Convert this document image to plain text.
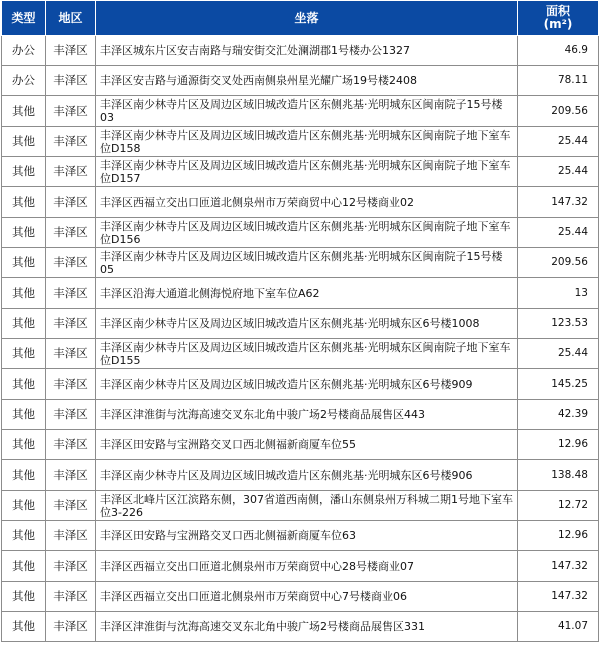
类型	地区	坐落	面积
(m²)

办公	丰泽区	丰泽区城东片区安吉南路与瑞安街交汇处澜湖郡1号楼办公1327	46.9
办公	丰泽区	丰泽区安吉路与通源街交叉处西南侧泉州星光耀广场19号楼2408	78.11
其他	丰泽区	丰泽区南少林寺片区及周边区域旧城改造片区东侧兆基·光明城东区闽南院子15号楼03	209.56
其他	丰泽区	丰泽区南少林寺片区及周边区域旧城改造片区东侧兆基·光明城东区闽南院子地下室车位D158	25.44
其他	丰泽区	丰泽区南少林寺片区及周边区域旧城改造片区东侧兆基·光明城东区闽南院子地下室车位D157	25.44
其他	丰泽区	丰泽区西福立交出口匝道北侧泉州市万荣商贸中心12号楼商业02	147.32
其他	丰泽区	丰泽区南少林寺片区及周边区域旧城改造片区东侧兆基·光明城东区闽南院子地下室车位D156	25.44
其他	丰泽区	丰泽区南少林寺片区及周边区域旧城改造片区东侧兆基·光明城东区闽南院子15号楼05	209.56
其他	丰泽区	丰泽区沿海大通道北侧海悦府地下室车位A62	13
其他	丰泽区	丰泽区南少林寺片区及周边区域旧城改造片区东侧兆基·光明城东区6号楼1008	123.53
其他	丰泽区	丰泽区南少林寺片区及周边区域旧城改造片区东侧兆基·光明城东区闽南院子地下室车位D155	25.44
其他	丰泽区	丰泽区南少林寺片区及周边区域旧城改造片区东侧兆基·光明城东区6号楼909	145.25
其他	丰泽区	丰泽区津淮街与沈海高速交叉东北角中骏广场2号楼商品展售区443	42.39
其他	丰泽区	丰泽区田安路与宝洲路交叉口西北侧福新商厦车位55	12.96
其他	丰泽区	丰泽区南少林寺片区及周边区域旧城改造片区东侧兆基·光明城东区6号楼906	138.48
其他	丰泽区	丰泽区北峰片区江滨路东侧，307省道西南侧，潘山东侧泉州万科城二期1号地下室车位3-226	12.72
其他	丰泽区	丰泽区田安路与宝洲路交叉口西北侧福新商厦车位63	12.96
其他	丰泽区	丰泽区西福立交出口匝道北侧泉州市万荣商贸中心28号楼商业07	147.32
其他	丰泽区	丰泽区西福立交出口匝道北侧泉州市万荣商贸中心7号楼商业06	147.32
其他	丰泽区	丰泽区津淮街与沈海高速交叉东北角中骏广场2号楼商品展售区331	41.07
